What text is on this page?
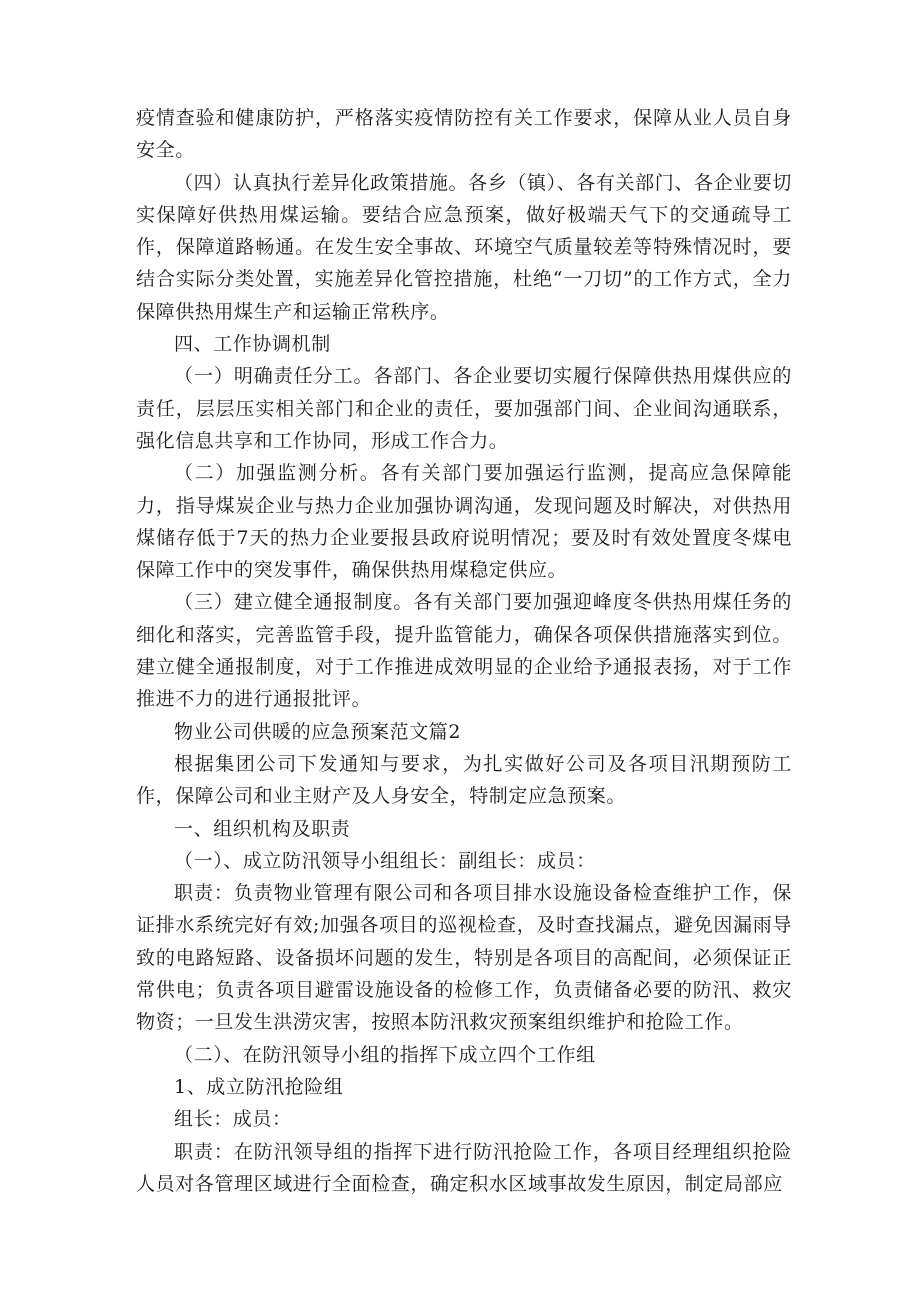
疫情查验和健康防护，严格落实疫情防控有关工作要求，保障从业人员自身安全。

（四）认真执行差异化政策措施。各乡（镇）、各有关部门、各企业要切实保障好供热用煤运输。要结合应急预案，做好极端天气下的交通疏导工作，保障道路畅通。在发生安全事故、环境空气质量较差等特殊情况时，要结合实际分类处置，实施差异化管控措施，杜绝“一刀切”的工作方式，全力保障供热用煤生产和运输正常秩序。

四、工作协调机制

（一）明确责任分工。各部门、各企业要切实履行保障供热用煤供应的责任，层层压实相关部门和企业的责任，要加强部门间、企业间沟通联系，强化信息共享和工作协同，形成工作合力。

（二）加强监测分析。各有关部门要加强运行监测，提高应急保障能力，指导煤炭企业与热力企业加强协调沟通，发现问题及时解决，对供热用煤储存低于7天的热力企业要报县政府说明情况；要及时有效处置度冬煤电保障工作中的突发事件，确保供热用煤稳定供应。

（三）建立健全通报制度。各有关部门要加强迎峰度冬供热用煤任务的细化和落实，完善监管手段，提升监管能力，确保各项保供措施落实到位。建立健全通报制度，对于工作推进成效明显的企业给予通报表扬，对于工作推进不力的进行通报批评。

物业公司供暖的应急预案范文篇2

根据集团公司下发通知与要求，为扎实做好公司及各项目汛期预防工作，保障公司和业主财产及人身安全，特制定应急预案。

一、组织机构及职责

（一）、成立防汛领导小组组长：副组长：成员：

职责：负责物业管理有限公司和各项目排水设施设备检查维护工作，保证排水系统完好有效;加强各项目的巡视检查，及时查找漏点，避免因漏雨导致的电路短路、设备损坏问题的发生，特别是各项目的高配间，必须保证正常供电；负责各项目避雷设施设备的检修工作，负责储备必要的防汛、救灾物资；一旦发生洪涝灾害，按照本防汛救灾预案组织维护和抢险工作。

（二）、在防汛领导小组的指挥下成立四个工作组

1、成立防汛抢险组

组长：成员：

职责：在防汛领导组的指挥下进行防汛抢险工作，各项目经理组织抢险人员对各管理区域进行全面检查，确定积水区域事故发生原因，制定局部应
